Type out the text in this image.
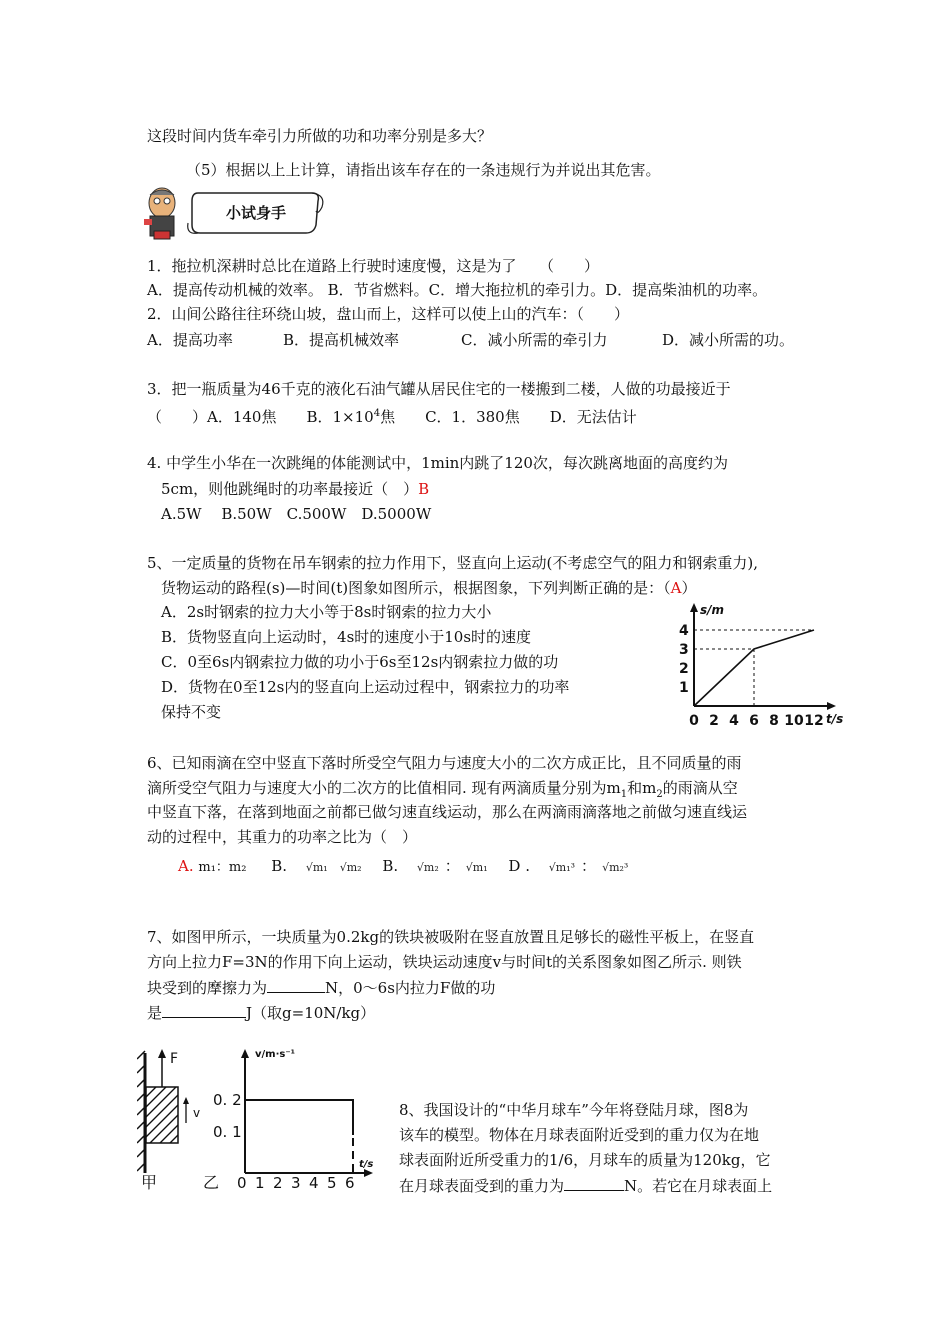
这段时间内货车牵引力所做的功和功率分别是多大？
（5）根据以上上计算，请指出该车存在的一条违规行为并说出其危害。
小试身手
1．拖拉机深耕时总比在道路上行驶时速度慢，这是为了　　（　　）
A．提高传动机械的效率。 B．节省燃料。C．增大拖拉机的牵引力。D．提高柴油机的功率。
2．山间公路往往环绕山坡，盘山而上，这样可以使上山的汽车：（　　）
A．提高功率	B．提高机械效率	C．减小所需的牵引力	D．减小所需的功。
3．把一瓶质量为46千克的液化石油气罐从居民住宅的一楼搬到二楼，人做的功最接近于
（　　）A．140焦　　B．$1\times 10^4$焦　　C．1．380焦　　D．无法估计
4. 中学生小华在一次跳绳的体能测试中，1min内跳了120次，每次跳离地面的高度约为
5cm，则他跳绳时的功率最接近（　）B
A.5W　 B.50W　C.500W　D.5000W
5、一定质量的货物在吊车钢索的拉力作用下，竖直向上运动(不考虑空气的阻力和钢索重力),
货物运动的路程(s)—时间(t)图象如图所示，根据图象，下列判断正确的是：（A）
A．2s时钢索的拉力大小等于8s时钢索的拉力大小
B．货物竖直向上运动时，4s时的速度小于10s时的速度
C．0至6s内钢索拉力做的功小于6s至12s内钢索拉力做的功
D．货物在0至12s内的竖直向上运动过程中，钢索拉力的功率
保持不变
s/m
t/s
1
2
3
4
0 2 4 6 8 10 12
6、已知雨滴在空中竖直下落时所受空气阻力与速度大小的二次方成正比，且不同质量的雨
滴所受空气阻力与速度大小的二次方的比值相同. 现有两滴质量分别为$m_1$和$m_2$的雨滴从空
中竖直下落，在落到地面之前都已做匀速直线运动，那么在两滴雨滴落地之前做匀速直线运
动的过程中，其重力的功率之比为（　）
A. m₁：m₂ B. √m₁ √m₂ B. √m₂ ： √m₁ D . √m₁³ ： √m₂³
7、如图甲所示，一块质量为0.2kg的铁块被吸附在竖直放置且足够长的磁性平板上，在竖直
方向上拉力F=3N的作用下向上运动，铁块运动速度v与时间t的关系图象如图乙所示. 则铁
块受到的摩擦力为	N，0～6s内拉力F做的功
是	J（取g=10N/kg）
F
v
甲	乙
v/m·s⁻¹
t/s
0. 2
0. 1
0 1 2 3 4 5 6
8、我国设计的“中华月球车”今年将登陆月球，图8为
该车的模型。物体在月球表面附近受到的重力仅为在地
球表面附近所受重力的1/6，月球车的质量为120kg，它
在月球表面受到的重力为	N。若它在月球表面上
